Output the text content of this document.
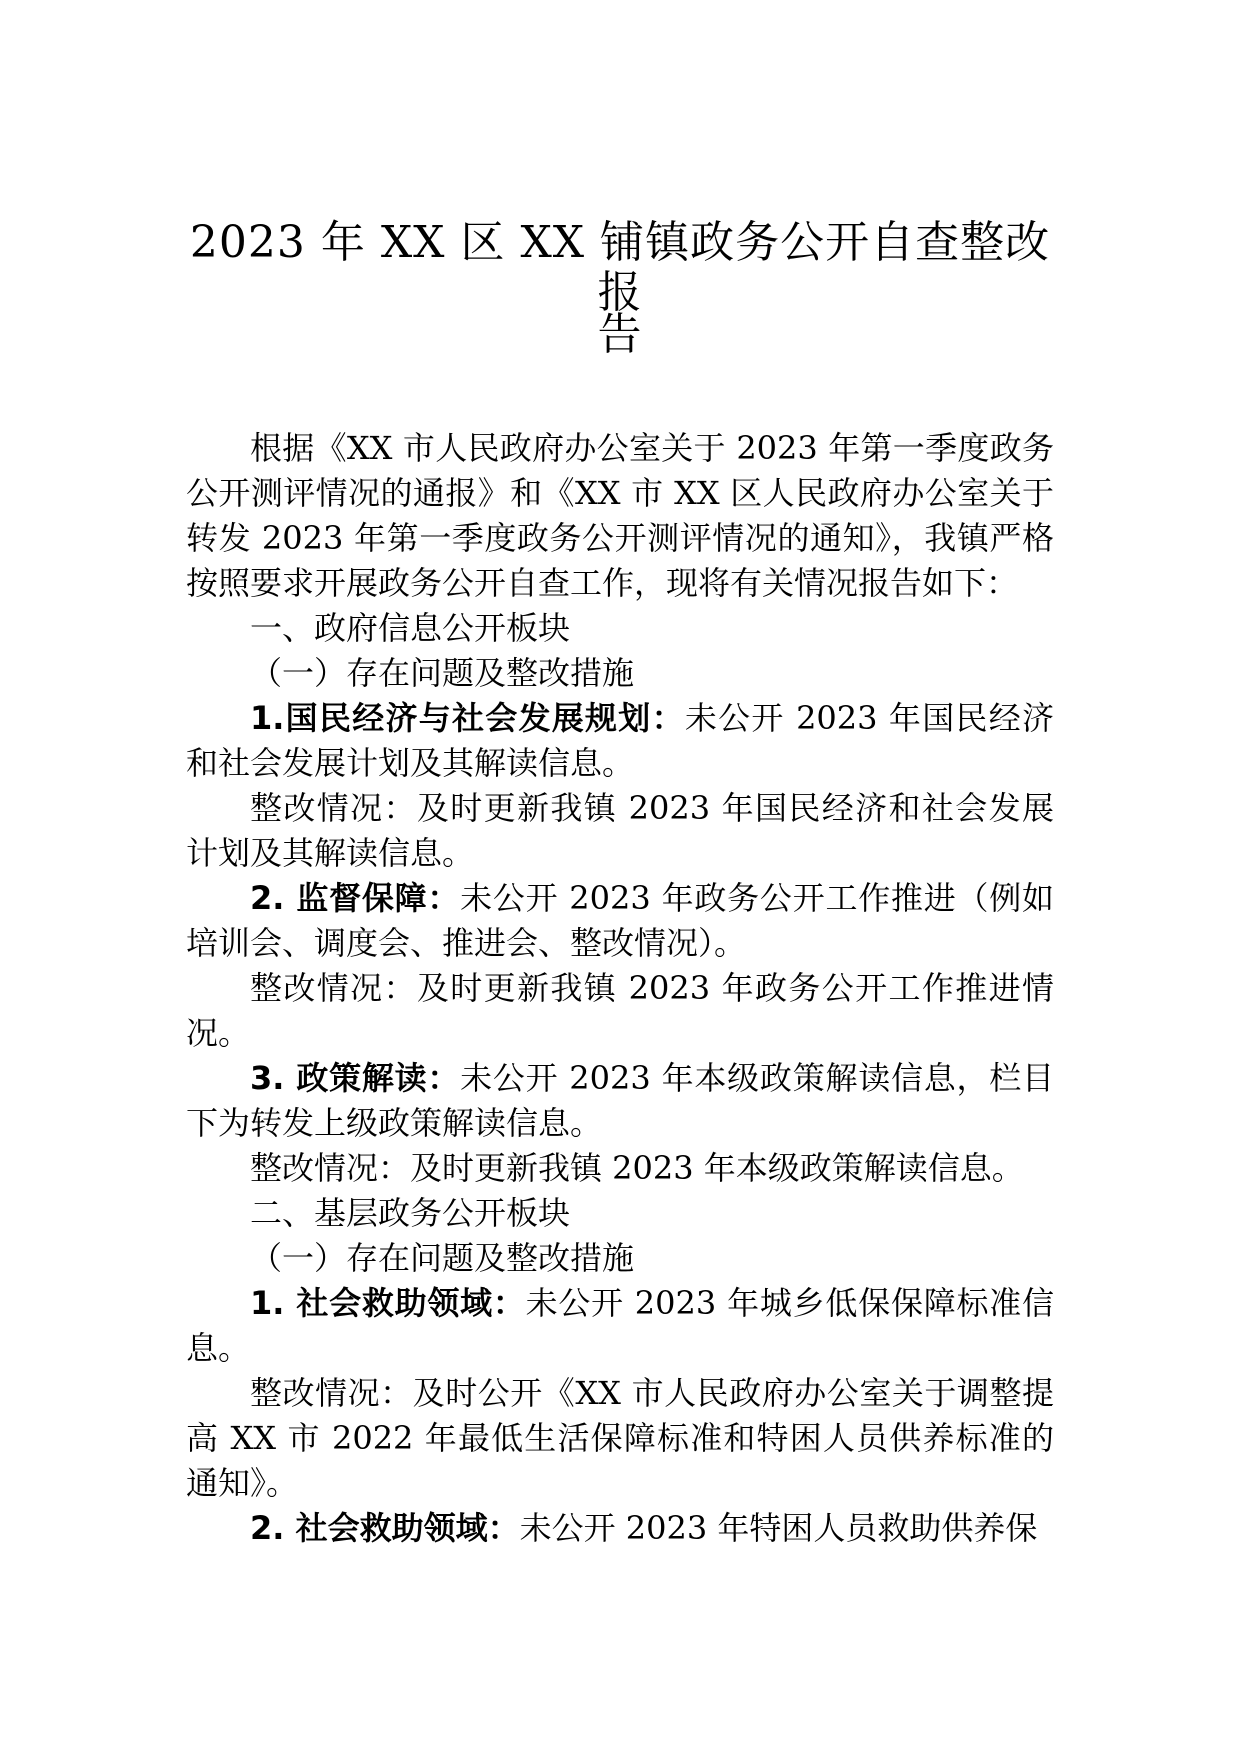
2023 年 XX 区 XX 铺镇政务公开自查整改报
告

根据《XX 市人民政府办公室关于 2023 年第一季度政务公开测评情况的通报》和《XX 市 XX 区人民政府办公室关于转发 2023 年第一季度政务公开测评情况的通知》，我镇严格按照要求开展政务公开自查工作，现将有关情况报告如下：

一、政府信息公开板块

（一）存在问题及整改措施

1.国民经济与社会发展规划：未公开 2023 年国民经济和社会发展计划及其解读信息。

整改情况：及时更新我镇 2023 年国民经济和社会发展计划及其解读信息。

2. 监督保障：未公开 2023 年政务公开工作推进（例如培训会、调度会、推进会、整改情况）。

整改情况：及时更新我镇 2023 年政务公开工作推进情况。

3. 政策解读：未公开 2023 年本级政策解读信息，栏目下为转发上级政策解读信息。

整改情况：及时更新我镇 2023 年本级政策解读信息。

二、基层政务公开板块

（一）存在问题及整改措施

1. 社会救助领域：未公开 2023 年城乡低保保障标准信息。

整改情况：及时公开《XX 市人民政府办公室关于调整提高 XX 市 2022 年最低生活保障标准和特困人员供养标准的通知》。

2. 社会救助领域：未公开 2023 年特困人员救助供养保
